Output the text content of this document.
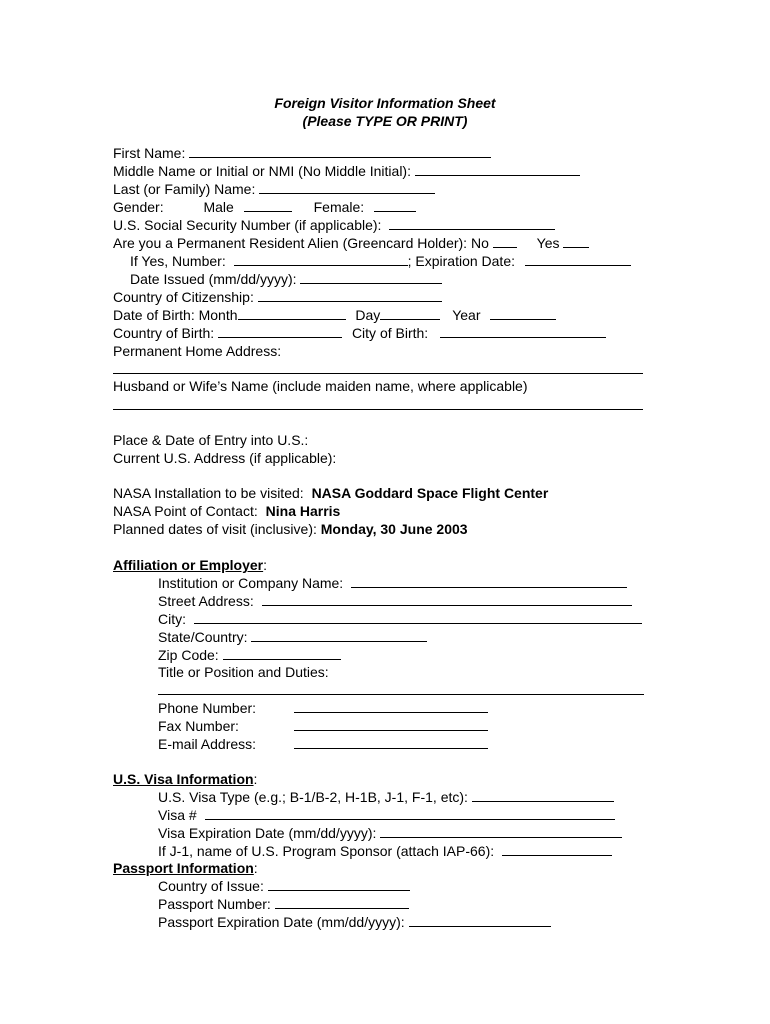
Foreign Visitor Information Sheet
(Please TYPE OR PRINT)
First Name:
Middle Name or Initial or NMI (No Middle Initial):
Last (or Family) Name:
Gender:	Male	Female:
U.S. Social Security Number (if applicable):
Are you a Permanent Resident Alien (Greencard Holder): No	Yes
If Yes, Number:	; Expiration Date:
Date Issued (mm/dd/yyyy):
Country of Citizenship:
Date of Birth: Month	Day	Year
Country of Birth:	City of Birth:
Permanent Home Address:
Husband or Wife’s Name (include maiden name, where applicable)
Place & Date of Entry into U.S.:
Current U.S. Address (if applicable):
NASA Installation to be visited: NASA Goddard Space Flight Center
NASA Point of Contact: Nina Harris
Planned dates of visit (inclusive): Monday, 30 June 2003
Affiliation or Employer:
Institution or Company Name:
Street Address:
City:
State/Country:
Zip Code:
Title or Position and Duties:
Phone Number:
Fax Number:
E-mail Address:
U.S. Visa Information:
U.S. Visa Type (e.g.; B-1/B-2, H-1B, J-1, F-1, etc):
Visa #
Visa Expiration Date (mm/dd/yyyy):
If J-1, name of U.S. Program Sponsor (attach IAP-66):
Passport Information:
Country of Issue:
Passport Number:
Passport Expiration Date (mm/dd/yyyy):
